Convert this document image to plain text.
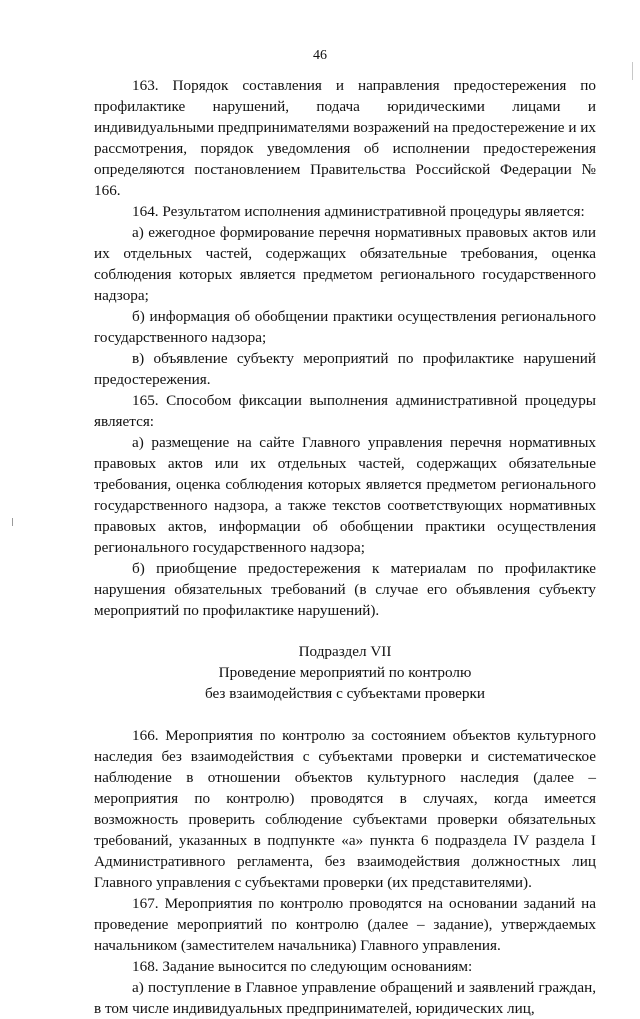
46

163. Порядок составления и направления предостережения по профилактике нарушений, подача юридическими лицами и индивидуальными предпринимателями возражений на предостережение и их рассмотрения, порядок уведомления об исполнении предостережения определяются постановлением Правительства Российской Федерации № 166.

164. Результатом исполнения административной процедуры является:

а) ежегодное формирование перечня нормативных правовых актов или их отдельных частей, содержащих обязательные требования, оценка соблюдения которых является предметом регионального государственного надзора;

б) информация об обобщении практики осуществления регионального государственного надзора;

в) объявление субъекту мероприятий по профилактике нарушений предостережения.

165. Способом фиксации выполнения административной процедуры является:

а) размещение на сайте Главного управления перечня нормативных правовых актов или их отдельных частей, содержащих обязательные требования, оценка соблюдения которых является предметом регионального государственного надзора, а также текстов соответствующих нормативных правовых актов, информации об обобщении практики осуществления регионального государственного надзора;

б) приобщение предостережения к материалам по профилактике нарушения обязательных требований (в случае его объявления субъекту мероприятий по профилактике нарушений).

Подраздел VII

Проведение мероприятий по контролю

без взаимодействия с субъектами проверки

166. Мероприятия по контролю за состоянием объектов культурного наследия без взаимодействия с субъектами проверки и систематическое наблюдение в отношении объектов культурного наследия (далее – мероприятия по контролю) проводятся в случаях, когда имеется возможность проверить соблюдение субъектами проверки обязательных требований, указанных в подпункте «а» пункта 6 подраздела IV раздела I Административного регламента, без взаимодействия должностных лиц Главного управления с субъектами проверки (их представителями).

167. Мероприятия по контролю проводятся на основании заданий на проведение мероприятий по контролю (далее – задание), утверждаемых начальником (заместителем начальника) Главного управления.

168. Задание выносится по следующим основаниям:

а) поступление в Главное управление обращений и заявлений граждан, в том числе индивидуальных предпринимателей, юридических лиц,
